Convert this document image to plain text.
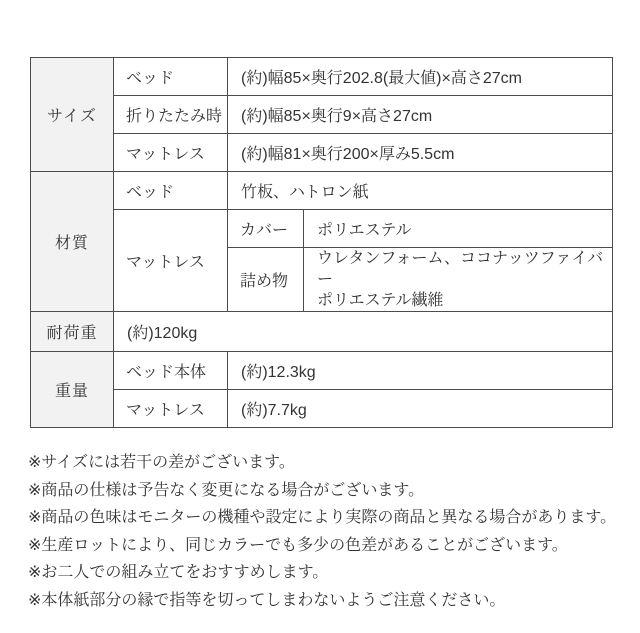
サイズ	ベッド	(約)幅85×奥行202.8(最大値)×高さ27cm	
	折りたたみ時	(約)幅85×奥行9×高さ27cm	
	マットレス	(約)幅81×奥行200×厚み5.5cm	
材質	ベッド	竹板、ハトロン紙	
	マットレス	カバー	ポリエステル
		詰め物	ウレタンフォーム、ココナッツファイバー
ポリエステル繊維

耐荷重	(約)120kg		
重量	ベッド本体	(約)12.3kg	
	マットレス	(約)7.7kg	
※サイズには若干の差がございます。
※商品の仕様は予告なく変更になる場合がございます。
※商品の色味はモニターの機種や設定により実際の商品と異なる場合があります。
※生産ロットにより、同じカラーでも多少の色差があることがございます。
※お二人での組み立てをおすすめします。
※本体紙部分の縁で指等を切ってしまわないようご注意ください。
